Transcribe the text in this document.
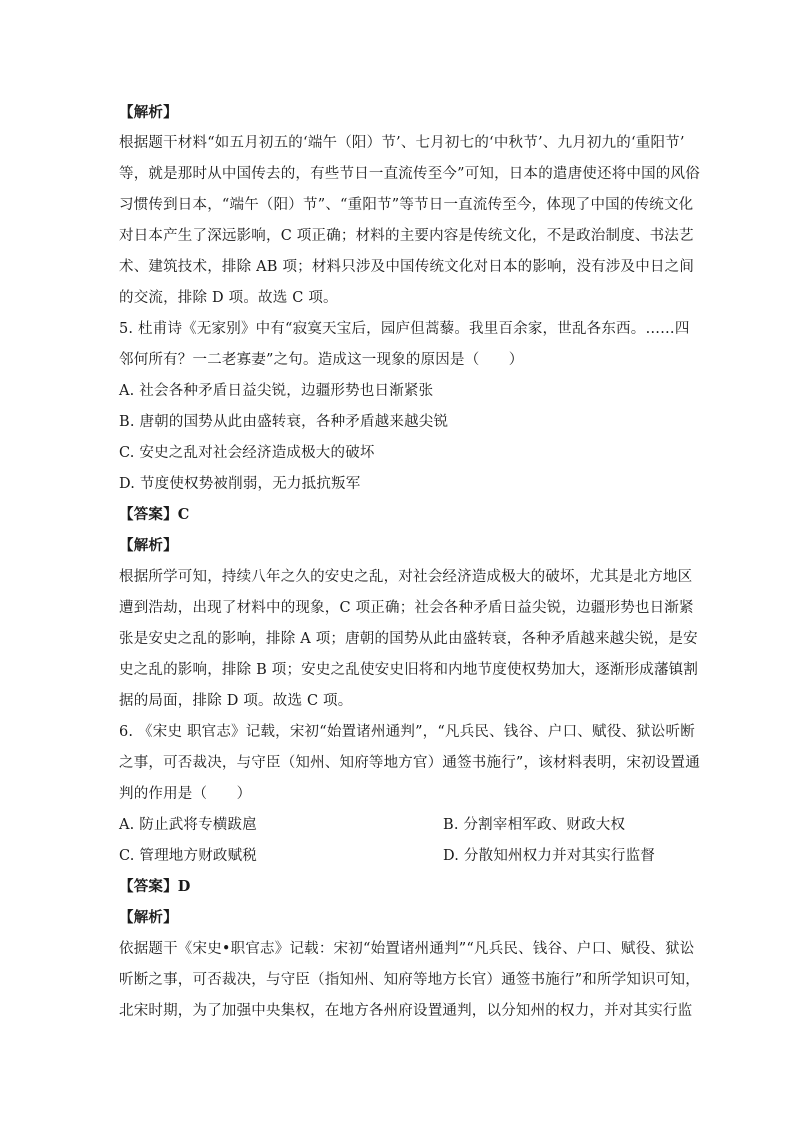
【解析】
根据题干材料“如五月初五的‘端午（阳）节’、七月初七的‘中秋节’、九月初九的‘重阳节’
等，就是那时从中国传去的，有些节日一直流传至今”可知，日本的遣唐使还将中国的风俗
习惯传到日本，“端午（阳）节”、“重阳节”等节日一直流传至今，体现了中国的传统文化
对日本产生了深远影响，C 项正确；材料的主要内容是传统文化，不是政治制度、书法艺
术、建筑技术，排除 AB 项；材料只涉及中国传统文化对日本的影响，没有涉及中日之间
的交流，排除 D 项。故选 C 项。
5. 杜甫诗《无家别》中有“寂寞天宝后，园庐但蒿藜。我里百余家，世乱各东西。……四
邻何所有？一二老寡妻”之句。造成这一现象的原因是（　　）
A. 社会各种矛盾日益尖锐，边疆形势也日渐紧张
B. 唐朝的国势从此由盛转衰，各种矛盾越来越尖锐
C. 安史之乱对社会经济造成极大的破坏
D. 节度使权势被削弱，无力抵抗叛军
【答案】C
【解析】
根据所学可知，持续八年之久的安史之乱，对社会经济造成极大的破坏，尤其是北方地区
遭到浩劫，出现了材料中的现象，C 项正确；社会各种矛盾日益尖锐，边疆形势也日渐紧
张是安史之乱的影响，排除 A 项；唐朝的国势从此由盛转衰，各种矛盾越来越尖锐，是安
史之乱的影响，排除 B 项；安史之乱使安史旧将和内地节度使权势加大，逐渐形成藩镇割
据的局面，排除 D 项。故选 C 项。
6. 《宋史 职官志》记载，宋初“始置诸州通判”，“凡兵民、钱谷、户口、赋役、狱讼听断
之事，可否裁决，与守臣（知州、知府等地方官）通签书施行”，该材料表明，宋初设置通
判的作用是（　　）
A. 防止武将专横跋扈	B. 分割宰相军政、财政大权
C. 管理地方财政赋税	D. 分散知州权力并对其实行监督
【答案】D
【解析】
依据题干《宋史•职官志》记载：宋初“始置诸州通判”“凡兵民、钱谷、户口、赋役、狱讼
听断之事，可否裁决，与守臣（指知州、知府等地方长官）通签书施行”和所学知识可知，
北宋时期，为了加强中央集权，在地方各州府设置通判，以分知州的权力，并对其实行监
